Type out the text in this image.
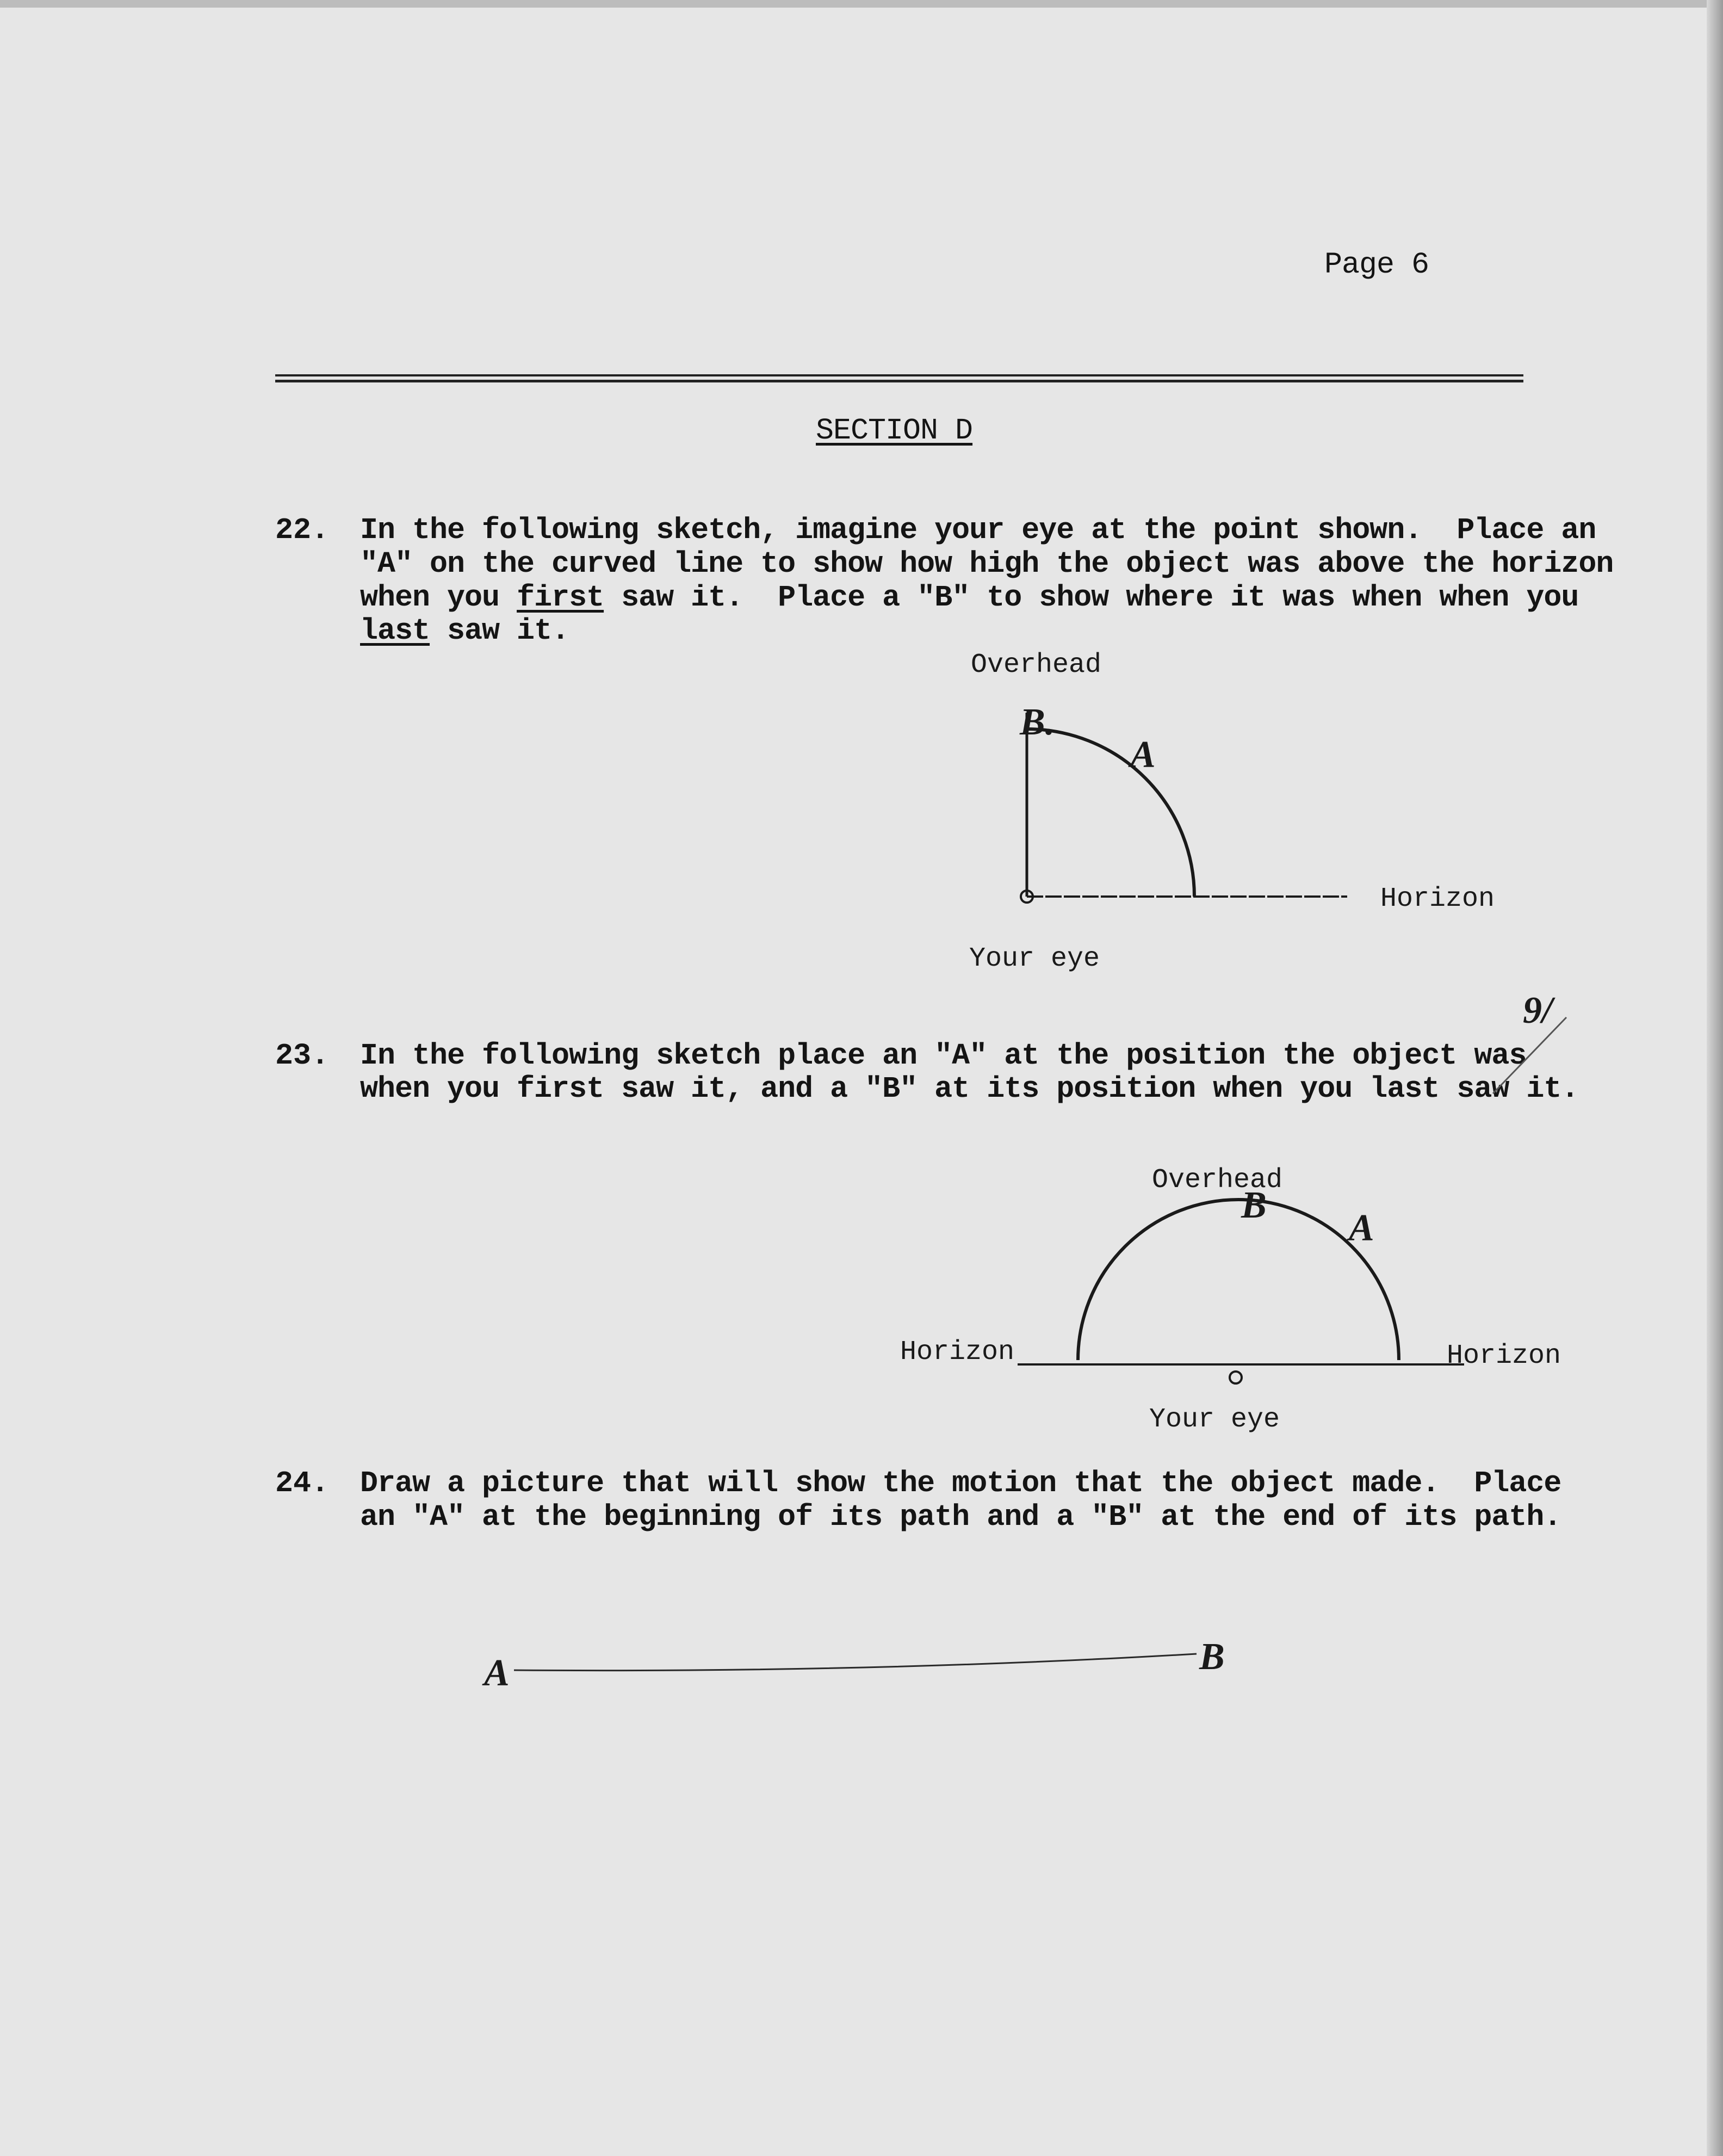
Page 6
SECTION D
22. In the following sketch, imagine your eye at the point shown.  Place an
"A" on the curved line to show how high the object was above the horizon
when you first saw it.  Place a "B" to show where it was when when you
last saw it.
23. In the following sketch place an "A" at the position the object was
when you first saw it, and a "B" at its position when you last saw it.
24. Draw a picture that will show the motion that the object made.  Place
an "A" at the beginning of its path and a "B" at the end of its path.
Overhead
Horizon
Your eye
B.
A
9/
Horizon	Horizon
Overhead
Your eye
B
A
A	B
